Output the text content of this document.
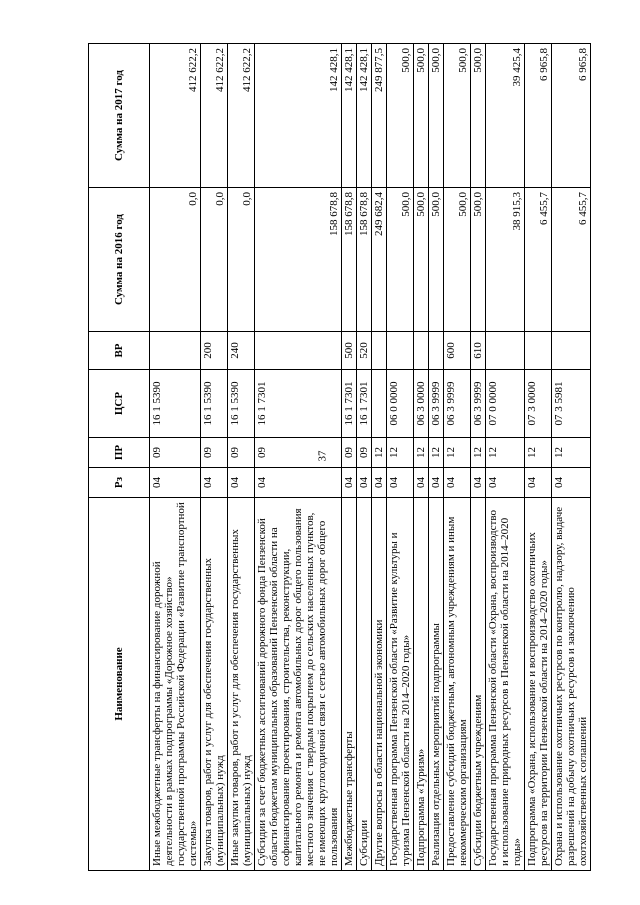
37
Наименование	Рз	ПР	ЦСР	ВР	Сумма на 2016 год	Сумма на 2017 год
Иные межбюджетные трансферты на финансирование дорожной деятельности в рамках подпрограммы «Дорожное хозяйство» государственной программы Российской Федерации «Развитие транспортной системы»	04	09	16 1 5390		0,0	412 622,2
Закупка товаров, работ и услуг для обеспечения государственных (муниципальных) нужд	04	09	16 1 5390	200	0,0	412 622,2
Иные закупки товаров, работ и услуг для обеспечения государственных (муниципальных) нужд	04	09	16 1 5390	240	0,0	412 622,2
Субсидии за счет бюджетных ассигнований дорожного фонда Пензенской области бюджетам муниципальных образований Пензенской области на софинансирование проектирования, строительства, реконструкции, капитального ремонта и ремонта автомобильных дорог общего пользования местного значения с твердым покрытием до сельских населенных пунктов, не имеющих круглогодичной связи с сетью автомобильных дорог общего пользования	04	09	16 1 7301		158 678,8	142 428,1
Межбюджетные трансферты	04	09	16 1 7301	500	158 678,8	142 428,1
Субсидии	04	09	16 1 7301	520	158 678,8	142 428,1
Другие вопросы в области национальной экономики	04	12			249 682,4	249 877,5
Государственная программа Пензенской области «Развитие культуры и туризма Пензенской области на 2014–2020 годы»	04	12	06 0 0000		500,0	500,0
Подпрограмма «Туризм»	04	12	06 3 0000		500,0	500,0
Реализация отдельных мероприятий подпрограммы	04	12	06 3 9999		500,0	500,0
Предоставление субсидий бюджетным, автономным учреждениям и иным некоммерческим организациям	04	12	06 3 9999	600	500,0	500,0
Субсидии бюджетным учреждениям	04	12	06 3 9999	610	500,0	500,0
Государственная программа Пензенской области «Охрана, воспроизводство и использование природных ресурсов в Пензенской области на 2014–2020 годы»	04	12	07 0 0000		38 915,3	39 425,4
Подпрограмма «Охрана, использование и воспроизводство охотничьих ресурсов на территории Пензенской области на 2014–2020 годы»	04	12	07 3 0000		6 455,7	6 965,8
Охрана и использование охотничьих ресурсов по контролю, надзору, выдаче разрешений на добычу охотничьих ресурсов и заключению охотхозяйственных соглашений	04	12	07 3 5981		6 455,7	6 965,8
